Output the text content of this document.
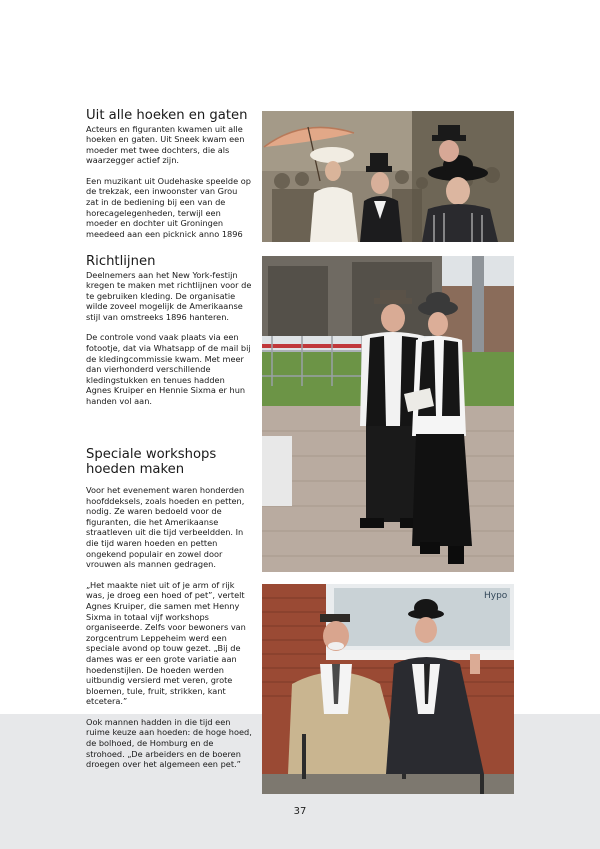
Uit alle hoeken en gaten

Acteurs en figuranten kwamen uit alle hoeken en gaten. Uit Sneek kwam een moeder met twee dochters, die als waarzegger actief zijn.

Een muzikant uit Oudehaske speelde op de trekzak, een inwoonster van Grou zat in de bediening bij een van de horecagelegenheden, terwijl een moeder en dochter uit Groningen meedeed aan een picknick anno 1896

Richtlijnen

Deelnemers aan het New York-festijn kregen te maken met richtlijnen voor de te gebruiken kleding. De organisatie wilde zoveel mogelijk de Amerikaanse stijl van omstreeks 1896 hanteren.

De controle vond vaak plaats via een fotootje, dat via Whatsapp of de mail bij de kledingcommissie kwam. Met meer dan vierhonderd verschillende kledingstukken en tenues hadden Agnes Kruiper en Hennie Sixma er hun handen vol aan.

Speciale workshops hoeden maken

Voor het evenement waren honderden hoofddeksels, zoals hoeden en petten, nodig. Ze waren bedoeld voor de figuranten, die het Amerikaanse straatleven uit die tijd verbeeldden. In die tijd waren hoeden en petten ongekend populair en zowel door vrouwen als mannen gedragen.

„Het maakte niet uit of je arm of rijk was, je droeg een hoed of pet”, vertelt Agnes Kruiper, die samen met Henny Sixma in totaal vijf workshops organiseerde. Zelfs voor bewoners van zorgcentrum Leppeheim werd een speciale avond op touw gezet. „Bij de dames was er een grote variatie aan hoedenstijlen. De hoeden werden uitbundig versierd met veren, grote bloemen, tule, fruit, strikken, kant etcetera.”

Ook mannen hadden in die tijd een ruime keuze aan hoeden: de hoge hoed, de bolhoed, de Homburg en de strohoed. „De arbeiders en de boeren droegen over het algemeen een pet.”

Hypo
37
